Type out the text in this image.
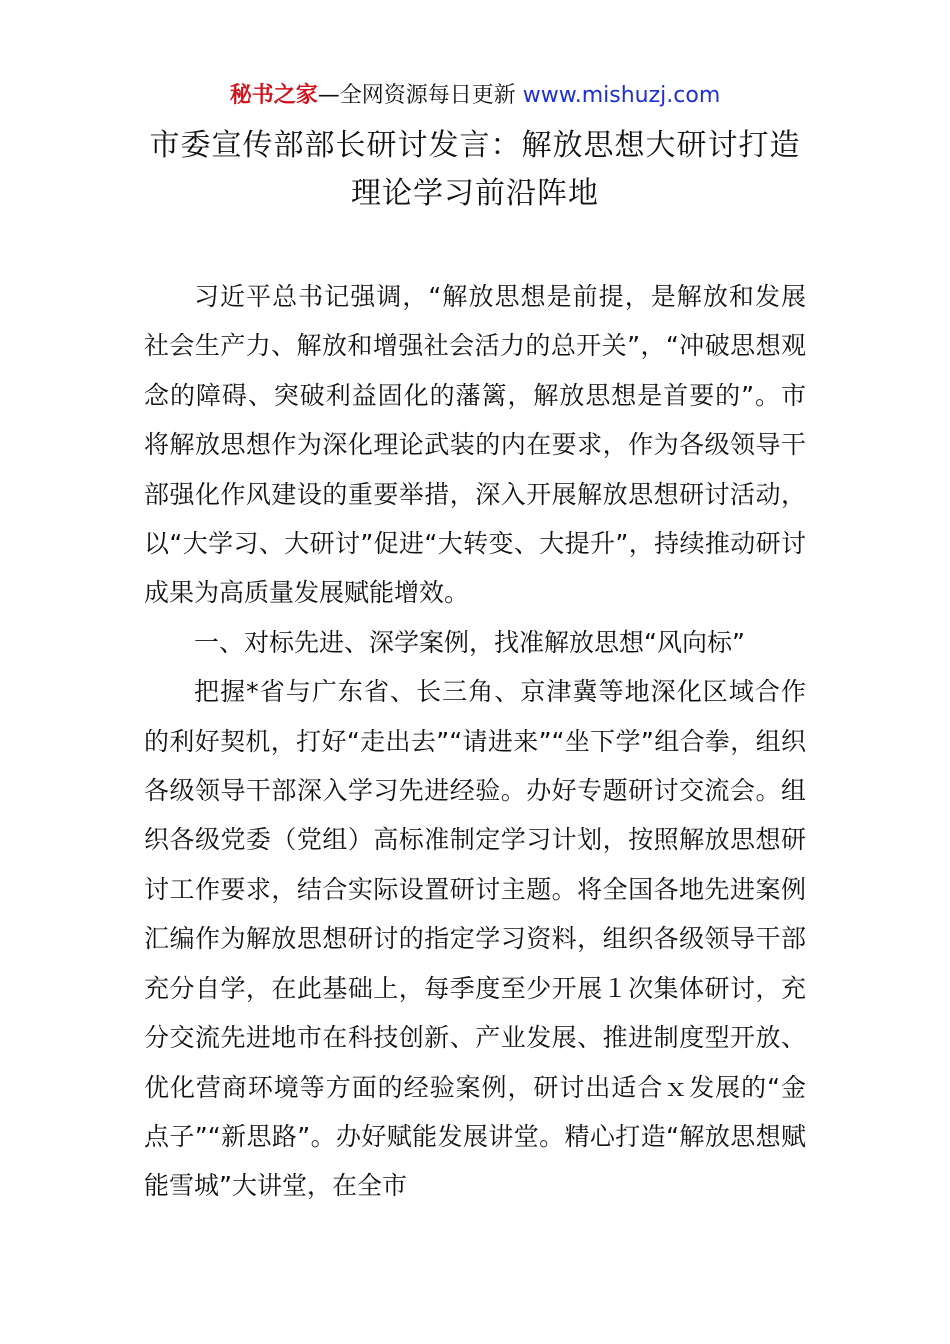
秘书之家—全网资源每日更新 www.mishuzj.com
市委宣传部部长研讨发言：解放思想大研讨打造理论学习前沿阵地

习近平总书记强调，“解放思想是前提，是解放和发展社会生产力、解放和增强社会活力的总开关”，“冲破思想观念的障碍、突破利益固化的藩篱，解放思想是首要的”。市将解放思想作为深化理论武装的内在要求，作为各级领导干部强化作风建设的重要举措，深入开展解放思想研讨活动，以“大学习、大研讨”促进“大转变、大提升”，持续推动研讨成果为高质量发展赋能增效。

一、对标先进、深学案例，找准解放思想“风向标”

把握*省与广东省、长三角、京津冀等地深化区域合作的利好契机，打好“走出去”“请进来”“坐下学”组合拳，组织各级领导干部深入学习先进经验。办好专题研讨交流会。组织各级党委（党组）高标准制定学习计划，按照解放思想研讨工作要求，结合实际设置研讨主题。将全国各地先进案例汇编作为解放思想研讨的指定学习资料，组织各级领导干部充分自学，在此基础上，每季度至少开展１次集体研讨，充分交流先进地市在科技创新、产业发展、推进制度型开放、优化营商环境等方面的经验案例，研讨出适合ｘ发展的“金点子”“新思路”。办好赋能发展讲堂。精心打造“解放思想赋能雪城”大讲堂，在全市
